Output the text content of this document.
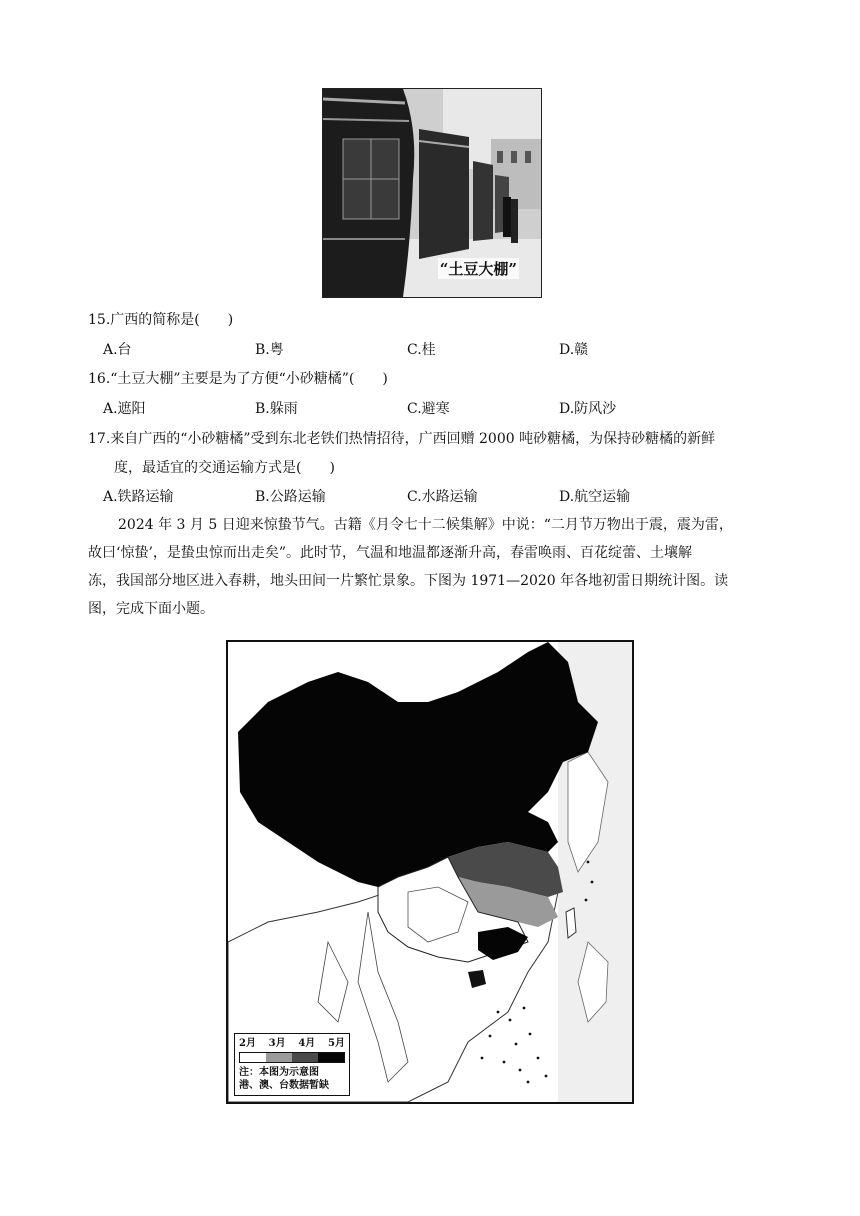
“土豆大棚”
15.广西的简称是(　　)
A.台	B.粤	C.桂	D.赣
16.“土豆大棚”主要是为了方便“小砂糖橘”(　　)
A.遮阳	B.躲雨	C.避寒	D.防风沙
17.来自广西的“小砂糖橘”受到东北老铁们热情招待，广西回赠 2000 吨砂糖橘，为保持砂糖橘的新鲜
度，最适宜的交通运输方式是(　　)
A.铁路运输	B.公路运输	C.水路运输	D.航空运输
2024 年 3 月 5 日迎来惊蛰节气。古籍《月令七十二候集解》中说：“二月节万物出于震，震为雷，
故曰‘惊蛰’，是蛰虫惊而出走矣”。此时节，气温和地温都逐渐升高，春雷唤雨、百花绽蕾、土壤解
冻，我国部分地区进入春耕，地头田间一片繁忙景象。下图为 1971—2020 年各地初雷日期统计图。读
图，完成下面小题。
2月 3月 4月 5月
注：本图为示意图
港、澳、台数据暂缺
